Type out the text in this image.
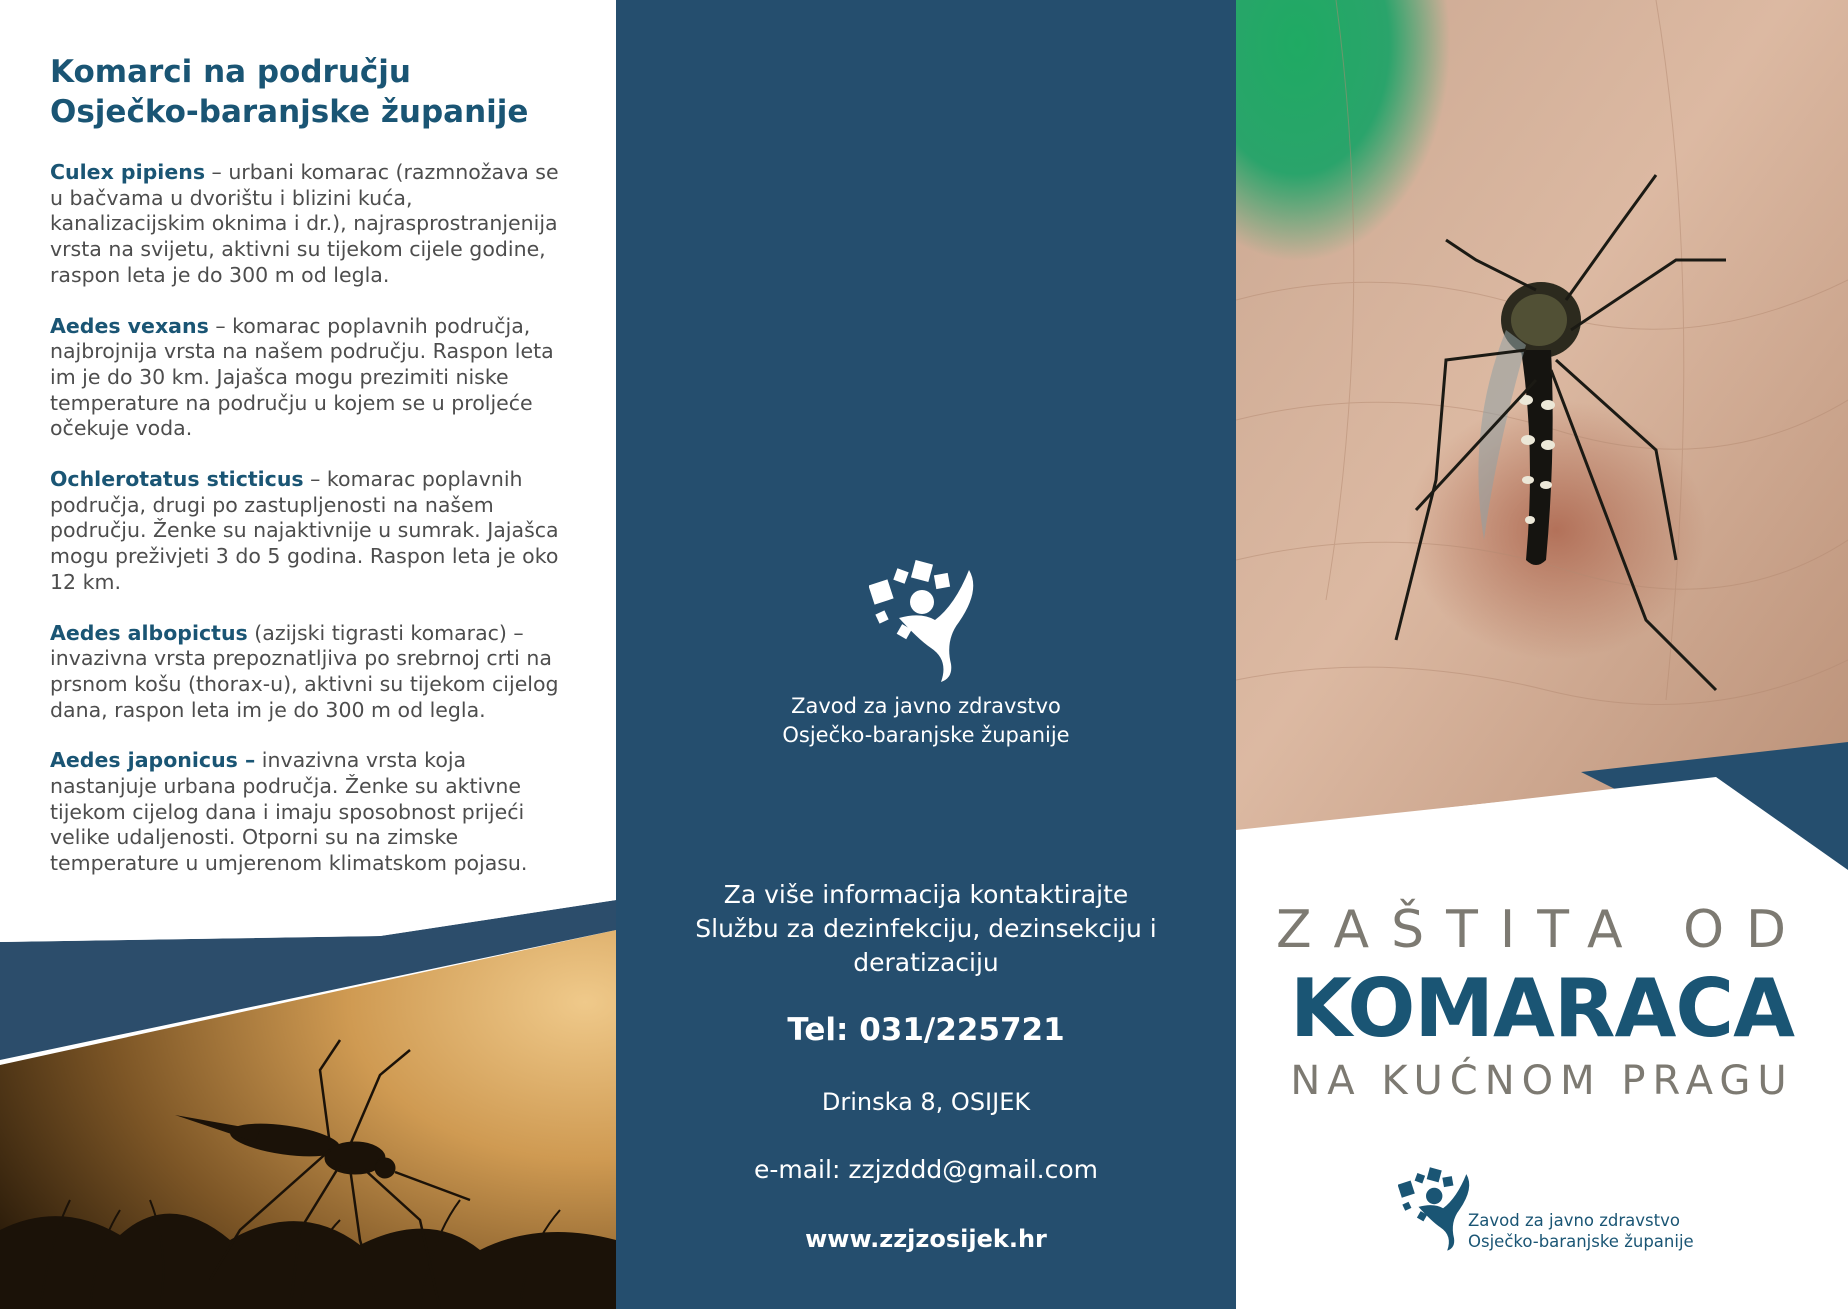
Komarci na području
Osječko-baranjske županije

Culex pipiens – urbani komarac (razmnožava se u bačvama u dvorištu i blizini kuća, kanalizacijskim oknima i dr.), najrasprostranjenija vrsta na svijetu, aktivni su tijekom cijele godine, raspon leta je do 300 m od legla.

Aedes vexans – komarac poplavnih područja, najbrojnija vrsta na našem području. Raspon leta im je do 30 km. Jajašca mogu prezimiti niske temperature na području u kojem se u proljeće očekuje voda.

Ochlerotatus sticticus – komarac poplavnih područja, drugi po zastupljenosti na našem području. Ženke su najaktivnije u sumrak. Jajašca mogu preživjeti 3 do 5 godina. Raspon leta je oko 12 km.

Aedes albopictus (azijski tigrasti komarac) – invazivna vrsta prepoznatljiva po srebrnoj crti na prsnom košu (thorax-u), aktivni su tijekom cijelog dana, raspon leta im je do 300 m od legla.

Aedes japonicus – invazivna vrsta koja nastanjuje urbana područja. Ženke su aktivne tijekom cijelog dana i imaju sposobnost prijeći velike udaljenosti. Otporni su na zimske temperature u umjerenom klimatskom pojasu.

Zavod za javno zdravstvo
Osječko-baranjske županije
Za više informacija kontaktirajte
Službu za dezinfekciju, dezinsekciju i
deratizaciju
Tel: 031/225721
Drinska 8, OSIJEK
e-mail: zzjzddd@gmail.com
www.zzjzosijek.hr
ZAŠTITA OD
KOMARACA
NA KUĆNOM PRAGU
Zavod za javno zdravstvo
Osječko-baranjske županije
